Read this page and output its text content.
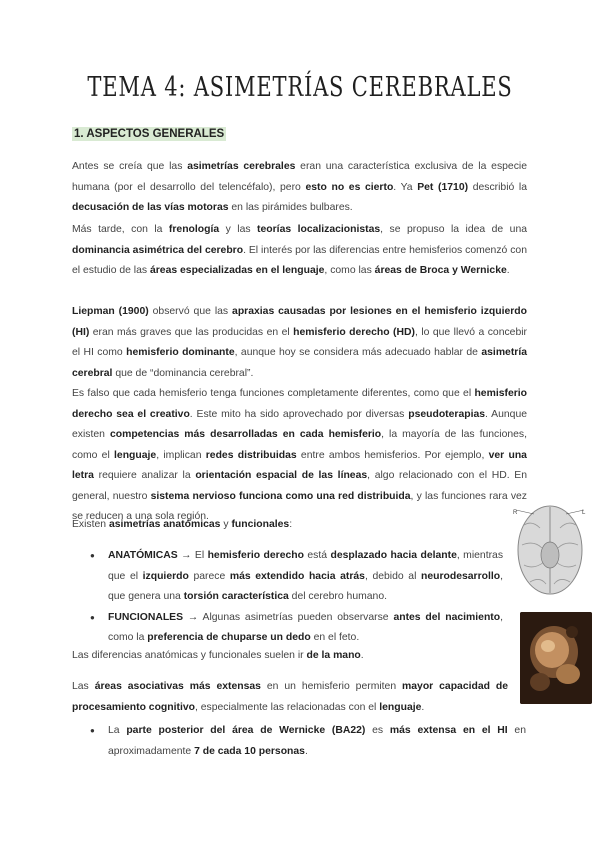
TEMA 4: ASIMETRÍAS CEREBRALES
1. ASPECTOS GENERALES
Antes se creía que las asimetrías cerebrales eran una característica exclusiva de la especie humana (por el desarrollo del telencéfalo), pero esto no es cierto. Ya Pet (1710) describió la decusación de las vías motoras en las pirámides bulbares.
Más tarde, con la frenología y las teorías localizacionistas, se propuso la idea de una dominancia asimétrica del cerebro. El interés por las diferencias entre hemisferios comenzó con el estudio de las áreas especializadas en el lenguaje, como las áreas de Broca y Wernicke.
Liepman (1900) observó que las apraxias causadas por lesiones en el hemisferio izquierdo (HI) eran más graves que las producidas en el hemisferio derecho (HD), lo que llevó a concebir el HI como hemisferio dominante, aunque hoy se considera más adecuado hablar de asimetría cerebral que de “dominancia cerebral”.
Es falso que cada hemisferio tenga funciones completamente diferentes, como que el hemisferio derecho sea el creativo. Este mito ha sido aprovechado por diversas pseudoterapias. Aunque existen competencias más desarrolladas en cada hemisferio, la mayoría de las funciones, como el lenguaje, implican redes distribuidas entre ambos hemisferios. Por ejemplo, ver una letra requiere analizar la orientación espacial de las líneas, algo relacionado con el HD. En general, nuestro sistema nervioso funciona como una red distribuida, y las funciones rara vez se reducen a una sola región.
Existen asimetrías anatómicas y funcionales:
● ANATÓMICAS → El hemisferio derecho está desplazado hacia delante, mientras que el izquierdo parece más extendido hacia atrás, debido al neurodesarrollo, que genera una torsión característica del cerebro humano.
● FUNCIONALES → Algunas asimetrías pueden observarse antes del nacimiento, como la preferencia de chuparse un dedo en el feto.
Las diferencias anatómicas y funcionales suelen ir de la mano.
Las áreas asociativas más extensas en un hemisferio permiten mayor capacidad de procesamiento cognitivo, especialmente las relacionadas con el lenguaje.
● La parte posterior del área de Wernicke (BA22) es más extensa en el HI en aproximadamente 7 de cada 10 personas.
R	L
